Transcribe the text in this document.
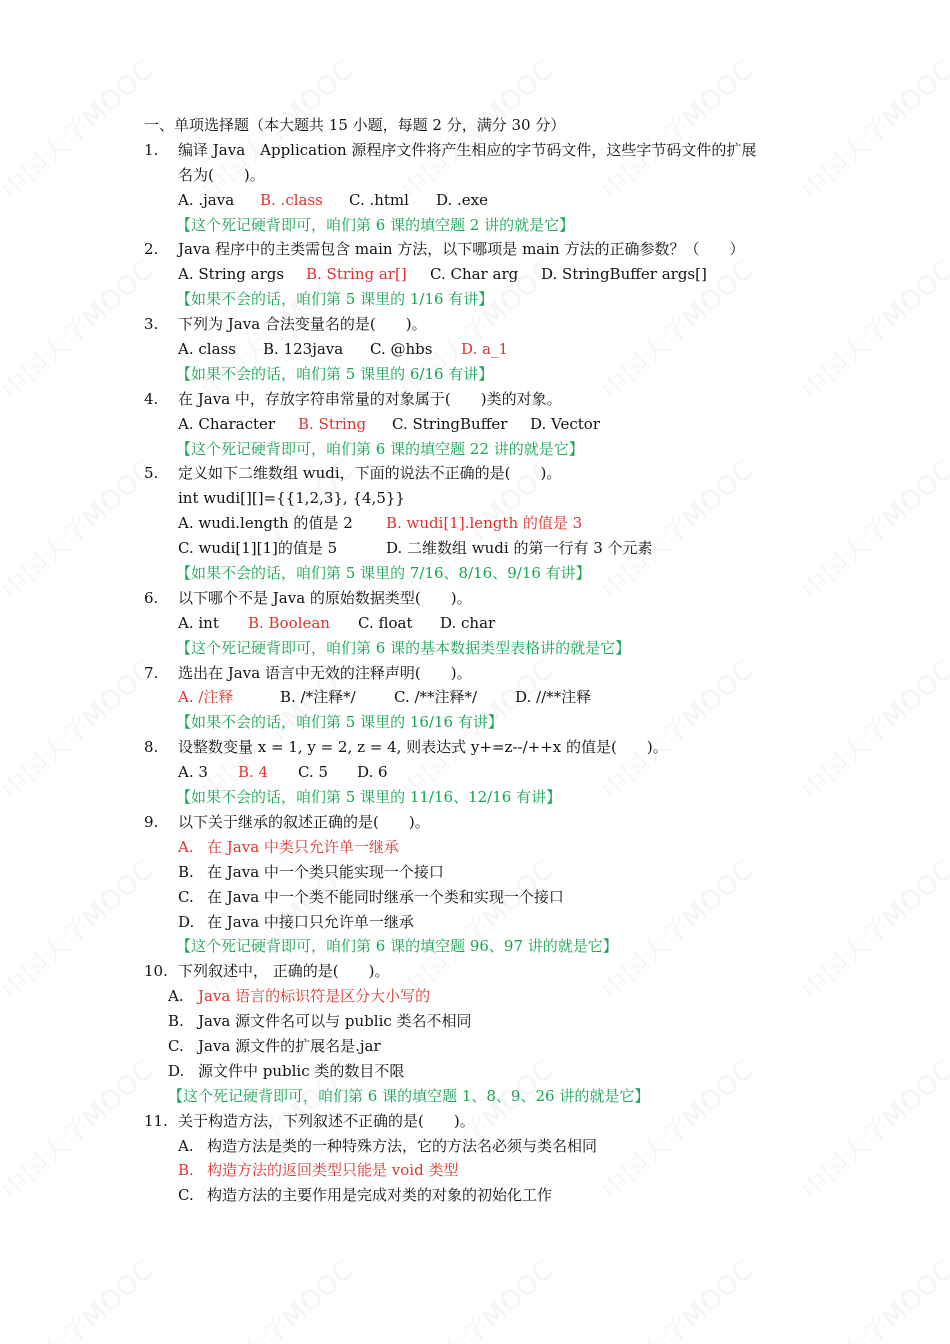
一、单项选择题（本大题共 15 小题，每题 2 分，满分 30 分）
1. 编译 Java　Application 源程序文件将产生相应的字节码文件，这些字节码文件的扩展
名为(　　)。
A. .java B. .class C. .html D. .exe
【这个死记硬背即可，咱们第 6 课的填空题 2 讲的就是它】
2. Java 程序中的主类需包含 main 方法，以下哪项是 main 方法的正确参数？（　　）
A. String args B. String ar[] C. Char arg D. StringBuffer args[]
【如果不会的话，咱们第 5 课里的 1/16 有讲】
3. 下列为 Java 合法变量名的是(　　)。
A. class B. 123java C. @hbs D. a_1
【如果不会的话，咱们第 5 课里的 6/16 有讲】
4. 在 Java 中，存放字符串常量的对象属于(　　)类的对象。
A. Character B. String C. StringBuffer D. Vector
【这个死记硬背即可，咱们第 6 课的填空题 22 讲的就是它】
5. 定义如下二维数组 wudi，下面的说法不正确的是(　　)。
int wudi[][]={{1,2,3}, {4,5}}
A. wudi.length 的值是 2 B. wudi[1].length 的值是 3
C. wudi[1][1]的值是 5	D. 二维数组 wudi 的第一行有 3 个元素
【如果不会的话，咱们第 5 课里的 7/16、8/16、9/16 有讲】
6. 以下哪个不是 Java 的原始数据类型(　　)。
A. int B. Boolean C. float D. char
【这个死记硬背即可，咱们第 6 课的基本数据类型表格讲的就是它】
7. 选出在 Java 语言中无效的注释声明(　　)。
A. /注释	B. /*注释*/	C. /**注释*/	D. //**注释
【如果不会的话，咱们第 5 课里的 16/16 有讲】
8. 设整数变量 x = 1, y = 2, z = 4, 则表达式 y+=z--/++x 的值是(　　)。
A. 3 B. 4 C. 5 D. 6
【如果不会的话，咱们第 5 课里的 11/16、12/16 有讲】
9. 以下关于继承的叙述正确的是(　　)。
A. 在 Java 中类只允许单一继承
B. 在 Java 中一个类只能实现一个接口
C. 在 Java 中一个类不能同时继承一个类和实现一个接口
D. 在 Java 中接口只允许单一继承
【这个死记硬背即可，咱们第 6 课的填空题 96、97 讲的就是它】
10. 下列叙述中， 正确的是(　　)。
A. Java 语言的标识符是区分大小写的
B. Java 源文件名可以与 public 类名不相同
C. Java 源文件的扩展名是.jar
D. 源文件中 public 类的数目不限
【这个死记硬背即可，咱们第 6 课的填空题 1、8、9、26 讲的就是它】
11. 关于构造方法，下列叙述不正确的是(　　)。
A. 构造方法是类的一种特殊方法，它的方法名必须与类名相同
B. 构造方法的返回类型只能是 void 类型
C. 构造方法的主要作用是完成对类的对象的初始化工作
